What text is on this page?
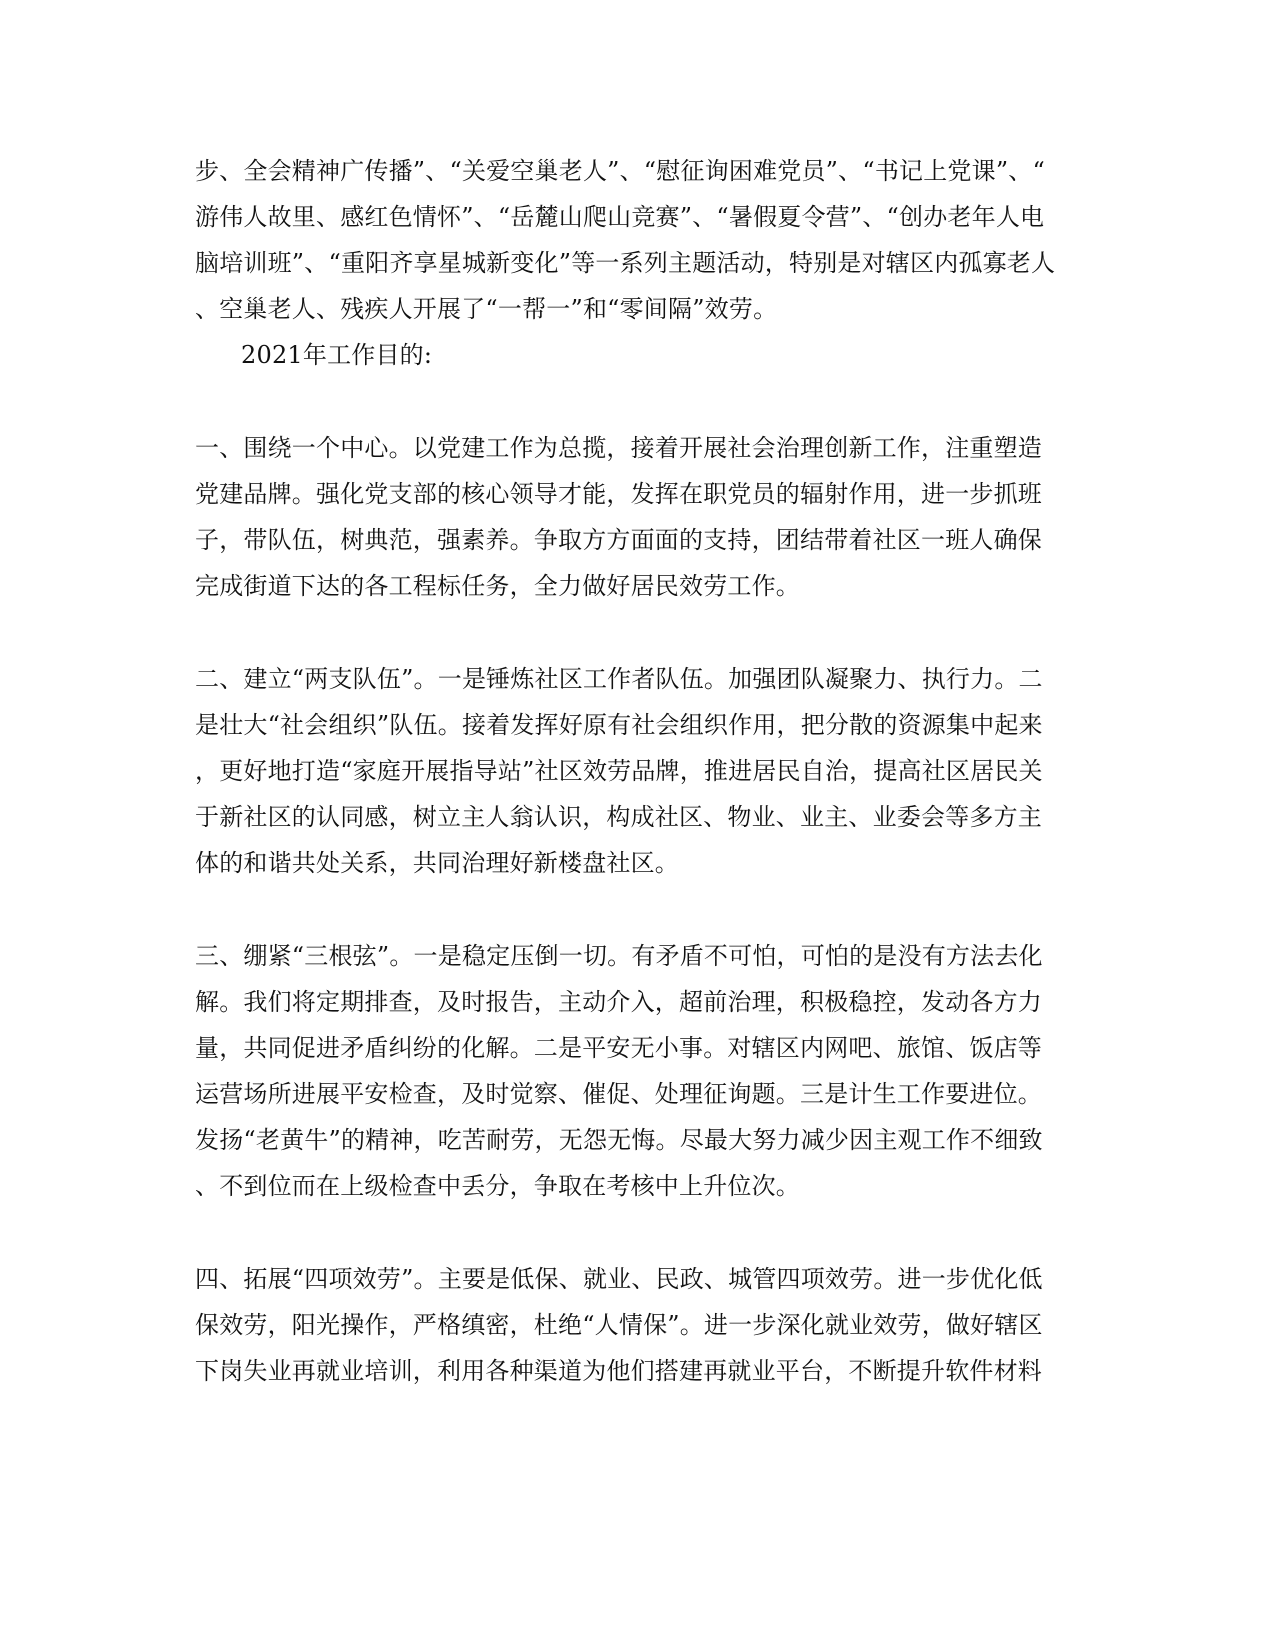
步、全会精神广传播”、“关爱空巢老人”、“慰征询困难党员”、“书记上党课”、“
游伟人故里、感红色情怀”、“岳麓山爬山竞赛”、“暑假夏令营”、“创办老年人电
脑培训班”、“重阳齐享星城新变化”等一系列主题活动，特别是对辖区内孤寡老人
、空巢老人、残疾人开展了“一帮一”和“零间隔”效劳。
2021年工作目的:
一、围绕一个中心。以党建工作为总揽，接着开展社会治理创新工作，注重塑造
党建品牌。强化党支部的核心领导才能，发挥在职党员的辐射作用，进一步抓班
子，带队伍，树典范，强素养。争取方方面面的支持，团结带着社区一班人确保
完成街道下达的各工程标任务，全力做好居民效劳工作。
二、建立“两支队伍”。一是锤炼社区工作者队伍。加强团队凝聚力、执行力。二
是壮大“社会组织”队伍。接着发挥好原有社会组织作用，把分散的资源集中起来
，更好地打造“家庭开展指导站”社区效劳品牌，推进居民自治，提高社区居民关
于新社区的认同感，树立主人翁认识，构成社区、物业、业主、业委会等多方主
体的和谐共处关系，共同治理好新楼盘社区。
三、绷紧“三根弦”。一是稳定压倒一切。有矛盾不可怕，可怕的是没有方法去化
解。我们将定期排查，及时报告，主动介入，超前治理，积极稳控，发动各方力
量，共同促进矛盾纠纷的化解。二是平安无小事。对辖区内网吧、旅馆、饭店等
运营场所进展平安检查，及时觉察、催促、处理征询题。三是计生工作要进位。
发扬“老黄牛”的精神，吃苦耐劳，无怨无悔。尽最大努力减少因主观工作不细致
、不到位而在上级检查中丢分，争取在考核中上升位次。
四、拓展“四项效劳”。主要是低保、就业、民政、城管四项效劳。进一步优化低
保效劳，阳光操作，严格缜密，杜绝“人情保”。进一步深化就业效劳，做好辖区
下岗失业再就业培训，利用各种渠道为他们搭建再就业平台，不断提升软件材料
